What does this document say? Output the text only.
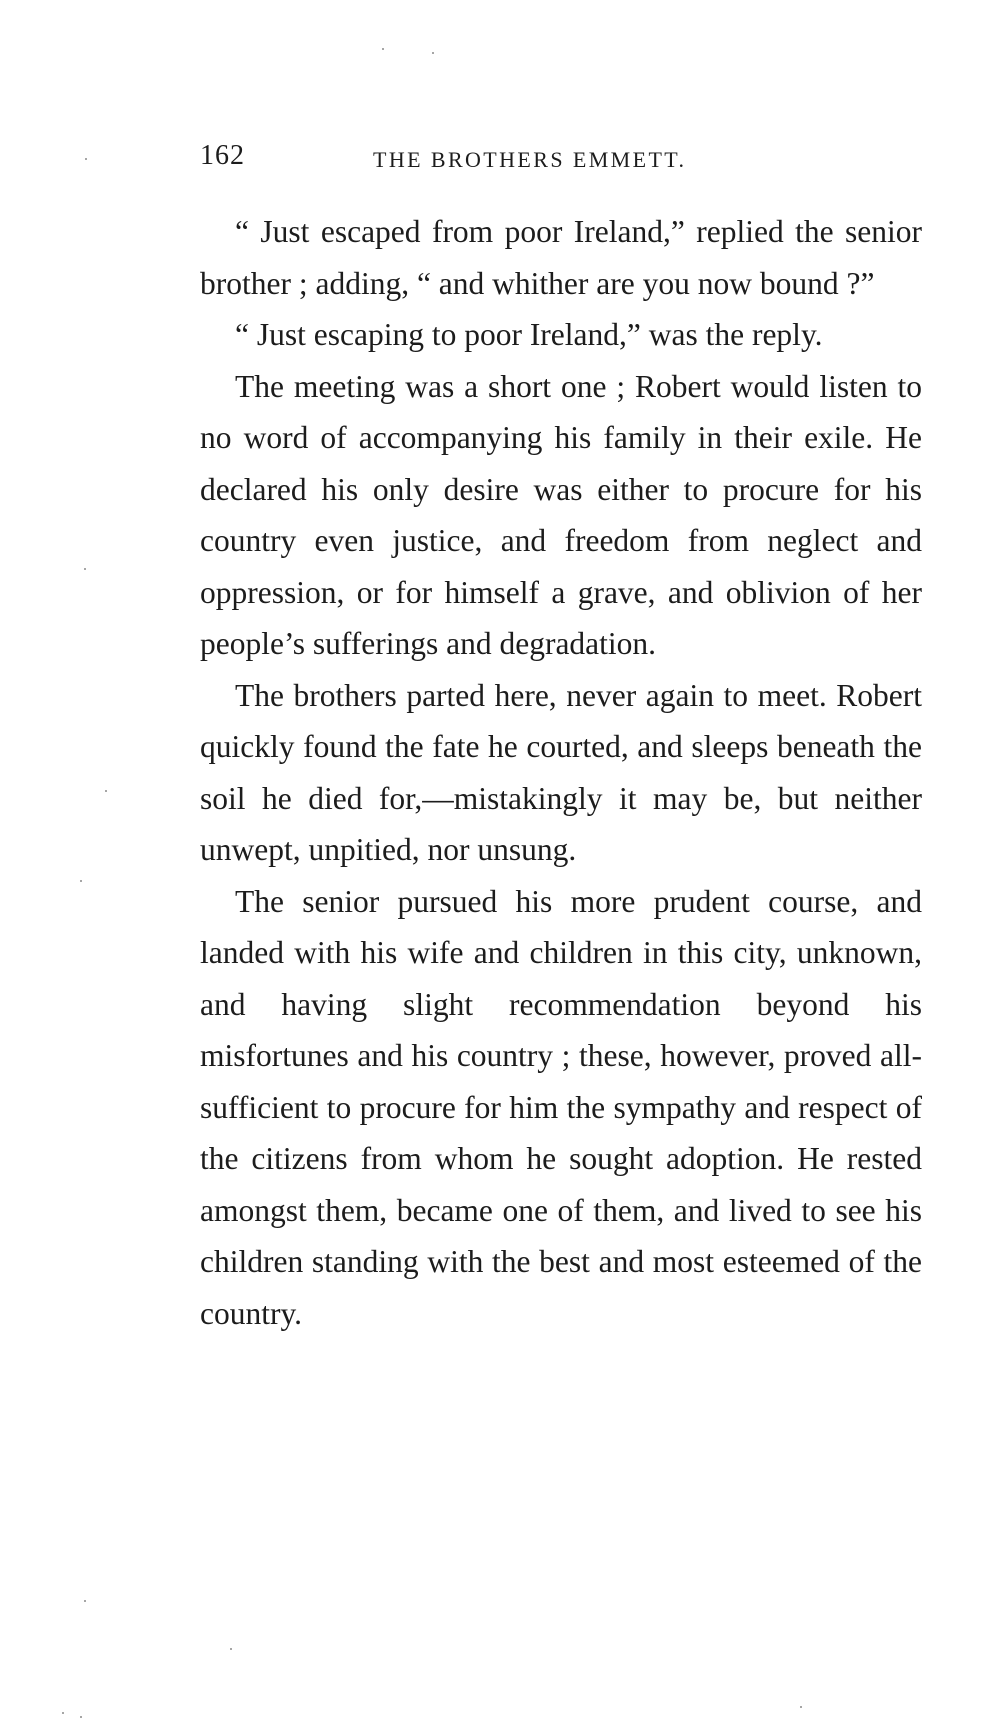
162	THE BROTHERS EMMETT.

“ Just escaped from poor Ireland,” replied the senior brother ; adding, “ and whither are you now bound ?”

“ Just escaping to poor Ireland,” was the reply.

The meeting was a short one ; Robert would listen to no word of accompanying his family in their exile. He declared his only desire was either to procure for his country even justice, and freedom from neglect and oppression, or for himself a grave, and oblivion of her people’s sufferings and degradation.

The brothers parted here, never again to meet. Robert quickly found the fate he courted, and sleeps beneath the soil he died for,—mistakingly it may be, but neither unwept, unpitied, nor unsung.

The senior pursued his more prudent course, and landed with his wife and children in this city, unknown, and having slight recommendation beyond his misfortunes and his country ; these, however, proved all-sufficient to procure for him the sympathy and respect of the citizens from whom he sought adoption. He rested amongst them, became one of them, and lived to see his children standing with the best and most esteemed of the country.
